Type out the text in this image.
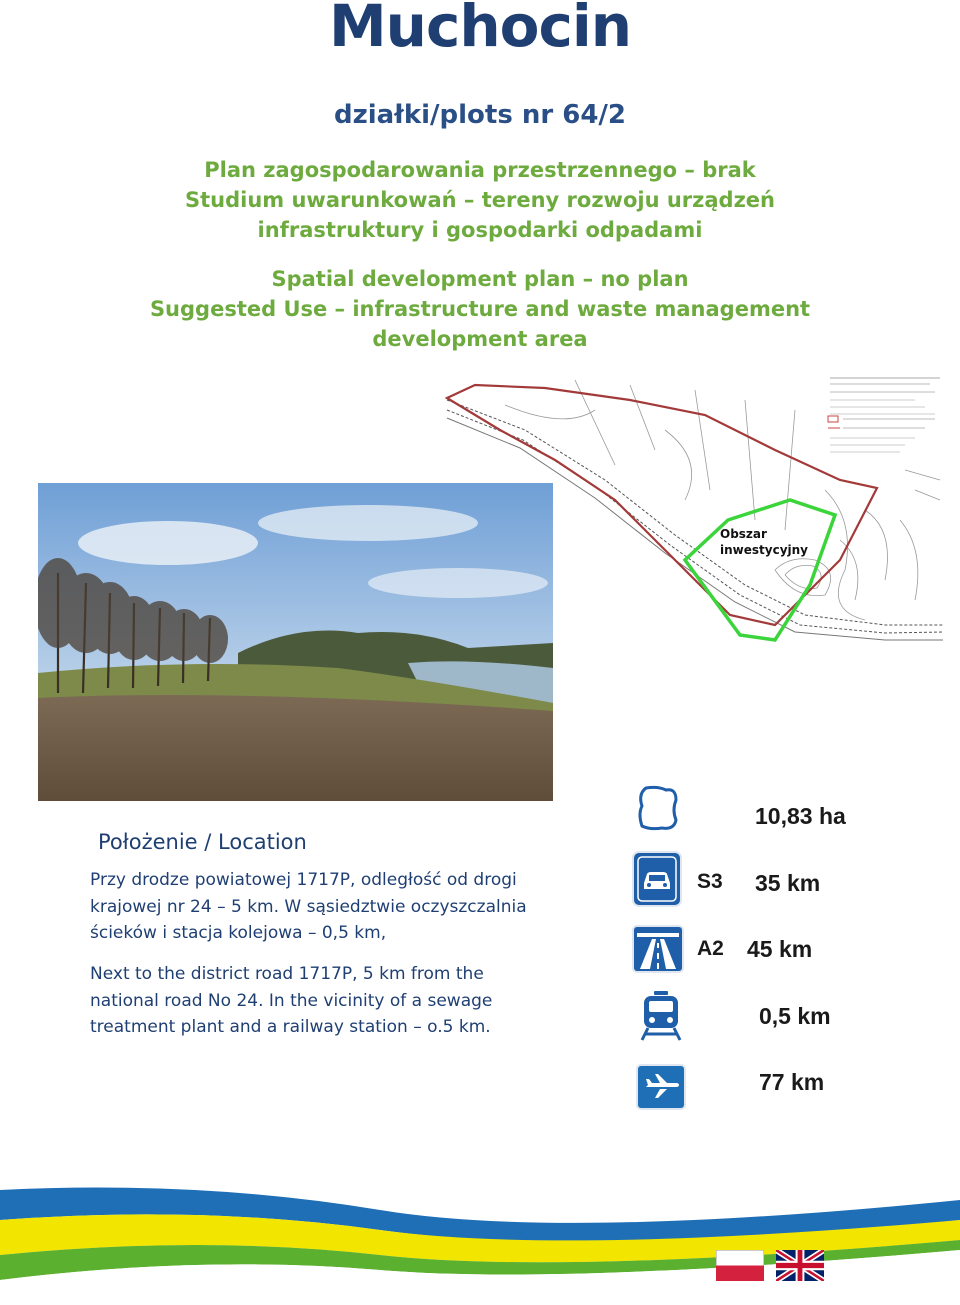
Muchocin
działki/plots nr 64/2
Plan zagospodarowania przestrzennego – brak
Studium uwarunkowań – tereny rozwoju urządzeń
infrastruktury i gospodarki odpadami
Spatial development plan – no plan
Suggested Use – infrastructure and waste management
development area
Obszar
inwestycyjny
Położenie / Location
Przy drodze powiatowej 1717P, odległość od drogi
krajowej nr 24 – 5 km. W sąsiedztwie oczyszczalnia
ścieków i stacja kolejowa – 0,5 km,
Next to the district road 1717P, 5 km from the
national road No 24. In the vicinity of a sewage
treatment plant and a railway station – o.5 km.
10,83 ha
S3 35 km
A2 45 km
0,5 km
77 km
